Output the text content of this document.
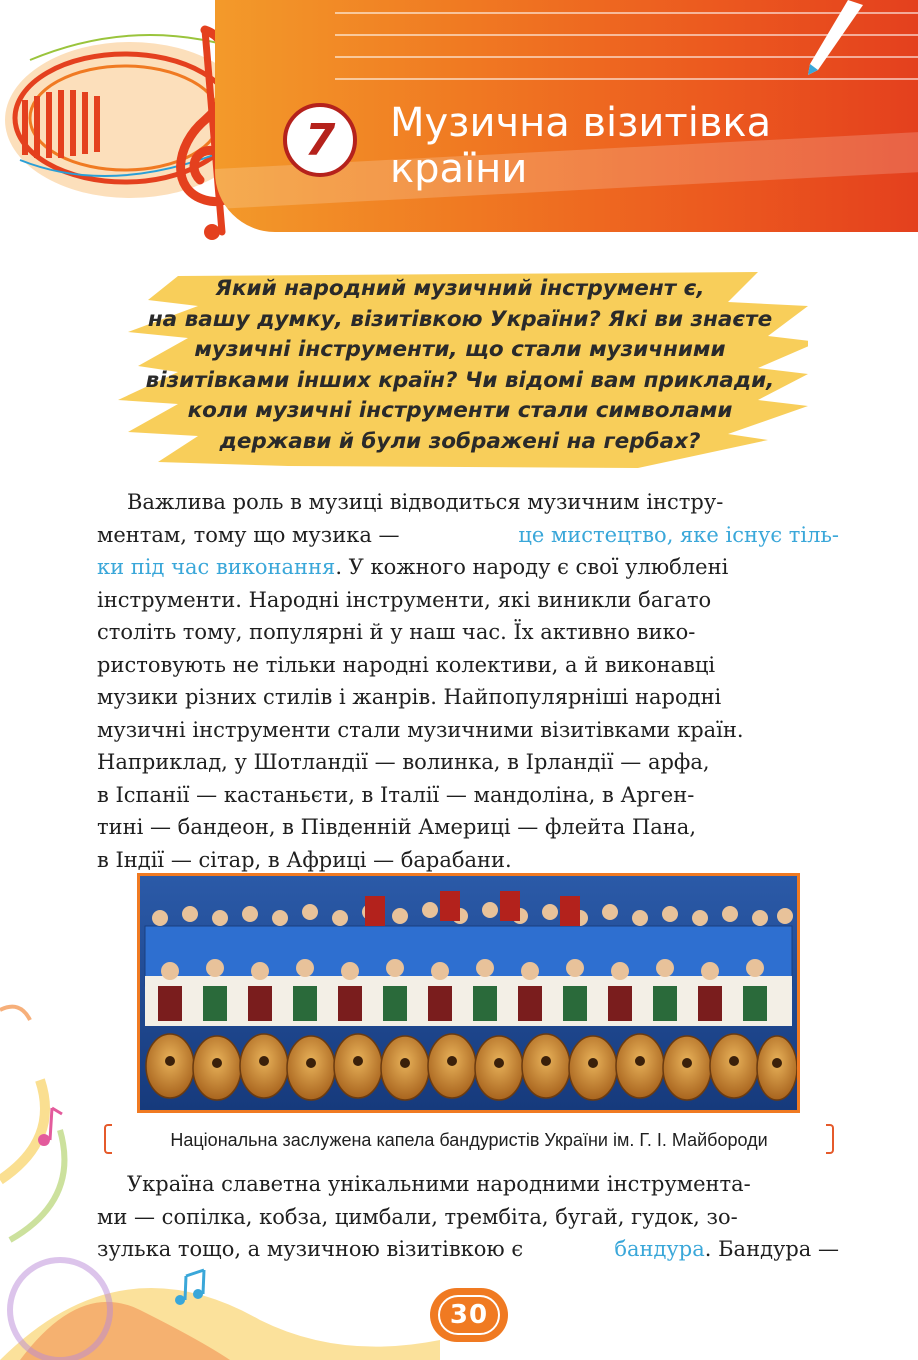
7	Музична візитівка
країни
Який народний музичний інструмент є,
на вашу думку, візитівкою України? Які ви знаєте
музичні інструменти, що стали музичними
візитівками інших країн? Чи відомі вам приклади,
коли музичні інструменти стали символами
держави й були зображені на гербах?
Важлива роль в музиці відводиться музичним інстру-
ментам, тому що музика —	це мистецтво, яке існує тіль-
ки під час виконання. У кожного народу є свої улюблені
інструменти. Народні інструменти, які виникли багато
століть тому, популярні й у наш час. Їх активно вико-
ристовують не тільки народні колективи, а й виконавці
музики різних стилів і жанрів. Найпопулярніші народні
музичні інструменти стали музичними візитівками країн.
Наприклад, у Шотландії — волинка, в Ірландії — арфа,
в Іспанії — кастаньєти, в Італії — мандоліна, в Арген-
тині — бандеон, в Південній Америці — флейта Пана,
в Індії — сітар, в Африці — барабани.
Національна заслужена капела бандуристів України ім. Г. І. Майбороди
Україна славетна унікальними народними інструмента-
ми — сопілка, кобза, цимбали, трембіта, бугай, гудок, зо-
зулька тощо, а музичною візитівкою є	бандура. Бандура —
30
